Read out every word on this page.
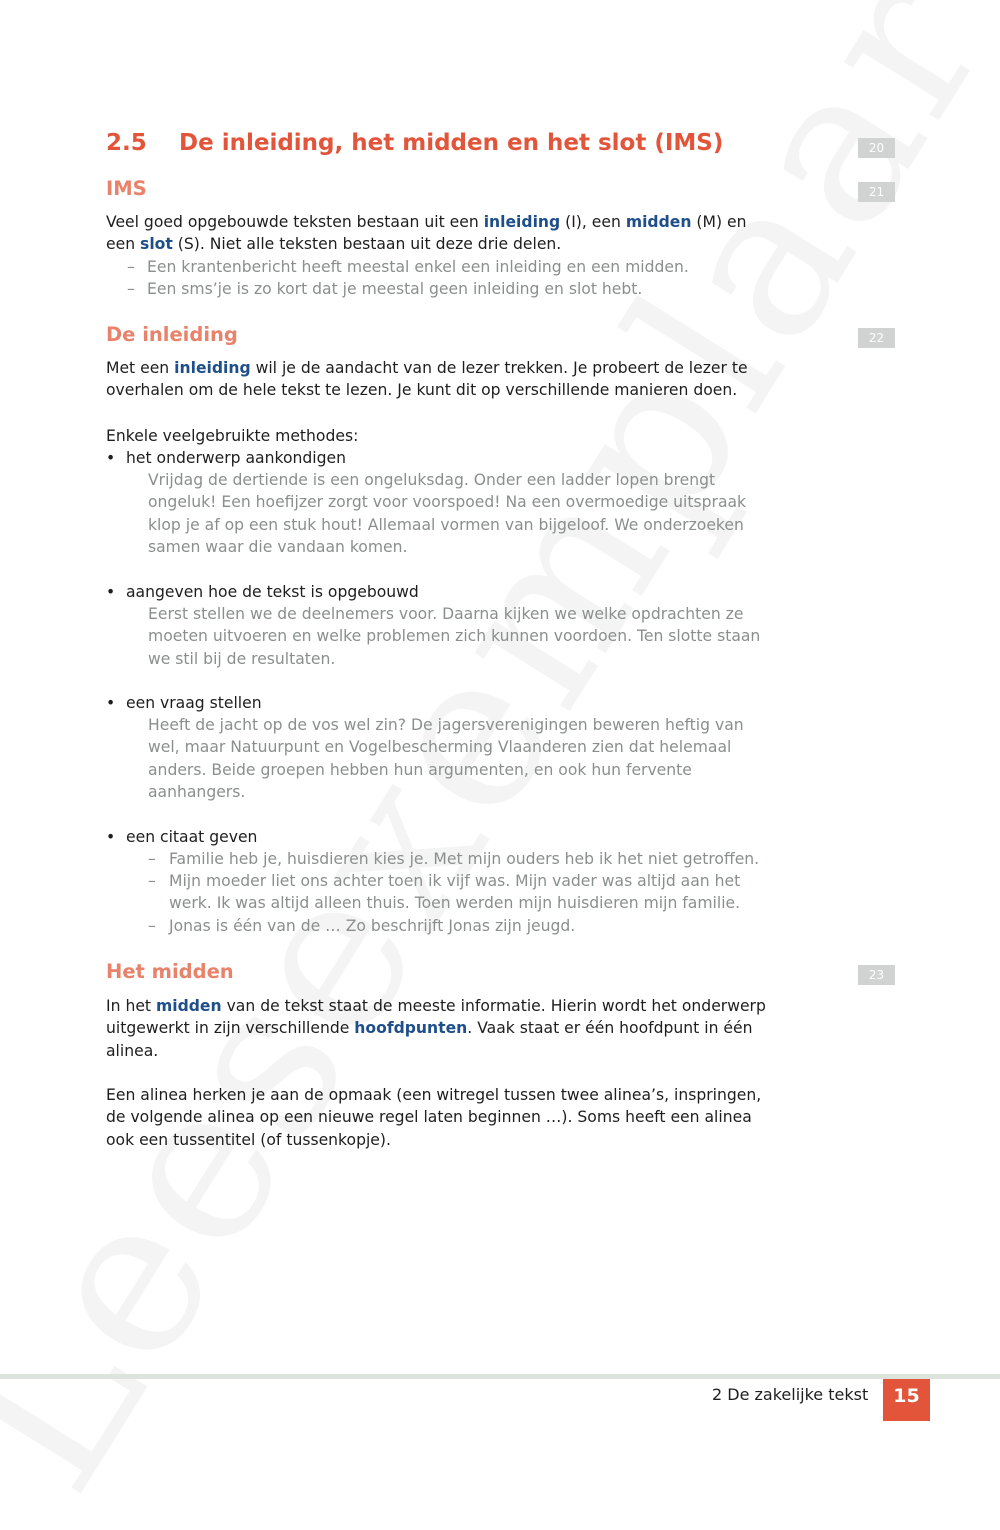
2.5 De inleiding, het midden en het slot (IMS)	20
21
22
23
IMS
Veel goed opgebouwde teksten bestaan uit een inleiding (I), een midden (M) en een slot (S). Niet alle teksten bestaan uit deze drie delen.
– Een krantenbericht heeft meestal enkel een inleiding en een midden.
– Een sms’je is zo kort dat je meestal geen inleiding en slot hebt.
De inleiding
Met een inleiding wil je de aandacht van de lezer trekken. Je probeert de lezer te overhalen om de hele tekst te lezen. Je kunt dit op verschillende manieren doen.
Enkele veelgebruikte methodes:
• het onderwerp aankondigen
Vrijdag de dertiende is een ongeluksdag. Onder een ladder lopen brengt ongeluk! Een hoefijzer zorgt voor voorspoed! Na een overmoedige uitspraak klop je af op een stuk hout! Allemaal vormen van bijgeloof. We onderzoeken samen waar die vandaan komen.
• aangeven hoe de tekst is opgebouwd
Eerst stellen we de deelnemers voor. Daarna kijken we welke opdrachten ze moeten uitvoeren en welke problemen zich kunnen voordoen. Ten slotte staan we stil bij de resultaten.
• een vraag stellen
Heeft de jacht op de vos wel zin? De jagersverenigingen beweren heftig van wel, maar Natuurpunt en Vogelbescherming Vlaanderen zien dat helemaal anders. Beide groepen hebben hun argumenten, en ook hun fervente aanhangers.
• een citaat geven
– Familie heb je, huisdieren kies je. Met mijn ouders heb ik het niet getroffen.
– Mijn moeder liet ons achter toen ik vijf was. Mijn vader was altijd aan het
werk. Ik was altijd alleen thuis. Toen werden mijn huisdieren mijn familie.
– Jonas is één van de … Zo beschrijft Jonas zijn jeugd.
Het midden
In het midden van de tekst staat de meeste informatie. Hierin wordt het onderwerp uitgewerkt in zijn verschillende hoofdpunten. Vaak staat er één hoofdpunt in één alinea.
Een alinea herken je aan de opmaak (een witregel tussen twee alinea’s, inspringen, de volgende alinea op een nieuwe regel laten beginnen …). Soms heeft een alinea ook een tussentitel (of tussenkopje).
2 De zakelijke tekst	15
